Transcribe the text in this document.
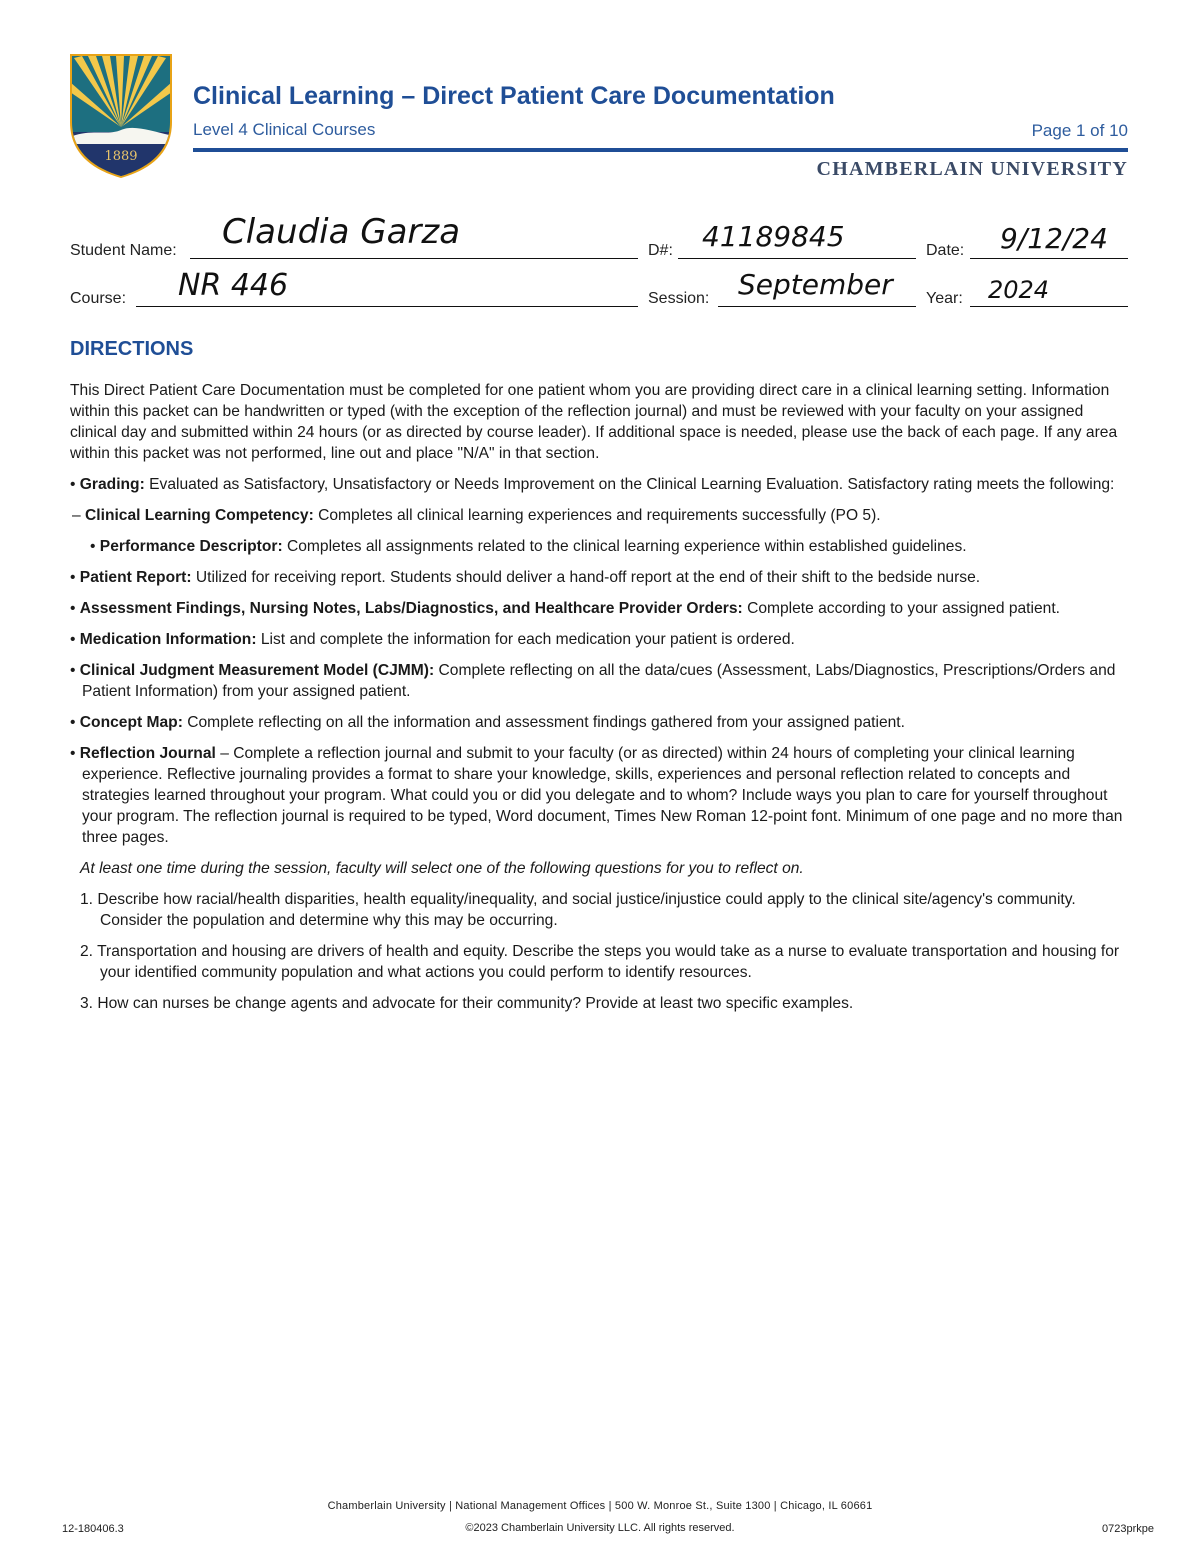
1889
Clinical Learning – Direct Patient Care Documentation
Level 4 Clinical Courses	Page 1 of 10
CHAMBERLAIN UNIVERSITY
Student Name: Claudia Garza	D#: 41189845	Date: 9/12/24
Course: NR 446	Session: September Year: 2024
DIRECTIONS

This Direct Patient Care Documentation must be completed for one patient whom you are providing direct care in a clinical learning setting. Information within this packet can be handwritten or typed (with the exception of the reflection journal) and must be reviewed with your faculty on your assigned clinical day and submitted within 24 hours (or as directed by course leader). If additional space is needed, please use the back of each page. If any area within this packet was not performed, line out and place "N/A" in that section.

• Grading: Evaluated as Satisfactory, Unsatisfactory or Needs Improvement on the Clinical Learning Evaluation. Satisfactory rating meets the following:
– Clinical Learning Competency: Completes all clinical learning experiences and requirements successfully (PO 5).
• Performance Descriptor: Completes all assignments related to the clinical learning experience within established guidelines.
• Patient Report: Utilized for receiving report. Students should deliver a hand-off report at the end of their shift to the bedside nurse.
• Assessment Findings, Nursing Notes, Labs/Diagnostics, and Healthcare Provider Orders: Complete according to your assigned patient.
• Medication Information: List and complete the information for each medication your patient is ordered.
• Clinical Judgment Measurement Model (CJMM): Complete reflecting on all the data/cues (Assessment, Labs/Diagnostics, Prescriptions/Orders and Patient Information) from your assigned patient.
• Concept Map: Complete reflecting on all the information and assessment findings gathered from your assigned patient.
• Reflection Journal – Complete a reflection journal and submit to your faculty (or as directed) within 24 hours of completing your clinical learning experience. Reflective journaling provides a format to share your knowledge, skills, experiences and personal reflection related to concepts and strategies learned throughout your program. What could you or did you delegate and to whom? Include ways you plan to care for yourself throughout your program. The reflection journal is required to be typed, Word document, Times New Roman 12-point font. Minimum of one page and no more than three pages.
At least one time during the session, faculty will select one of the following questions for you to reflect on.
1. Describe how racial/health disparities, health equality/inequality, and social justice/injustice could apply to the clinical site/agency's community. Consider the population and determine why this may be occurring.
2. Transportation and housing are drivers of health and equity. Describe the steps you would take as a nurse to evaluate transportation and housing for your identified community population and what actions you could perform to identify resources.
3. How can nurses be change agents and advocate for their community? Provide at least two specific examples.
Chamberlain University | National Management Offices | 500 W. Monroe St., Suite 1300 | Chicago, IL 60661
©2023 Chamberlain University LLC. All rights reserved.
12-180406.3	0723prkpe
